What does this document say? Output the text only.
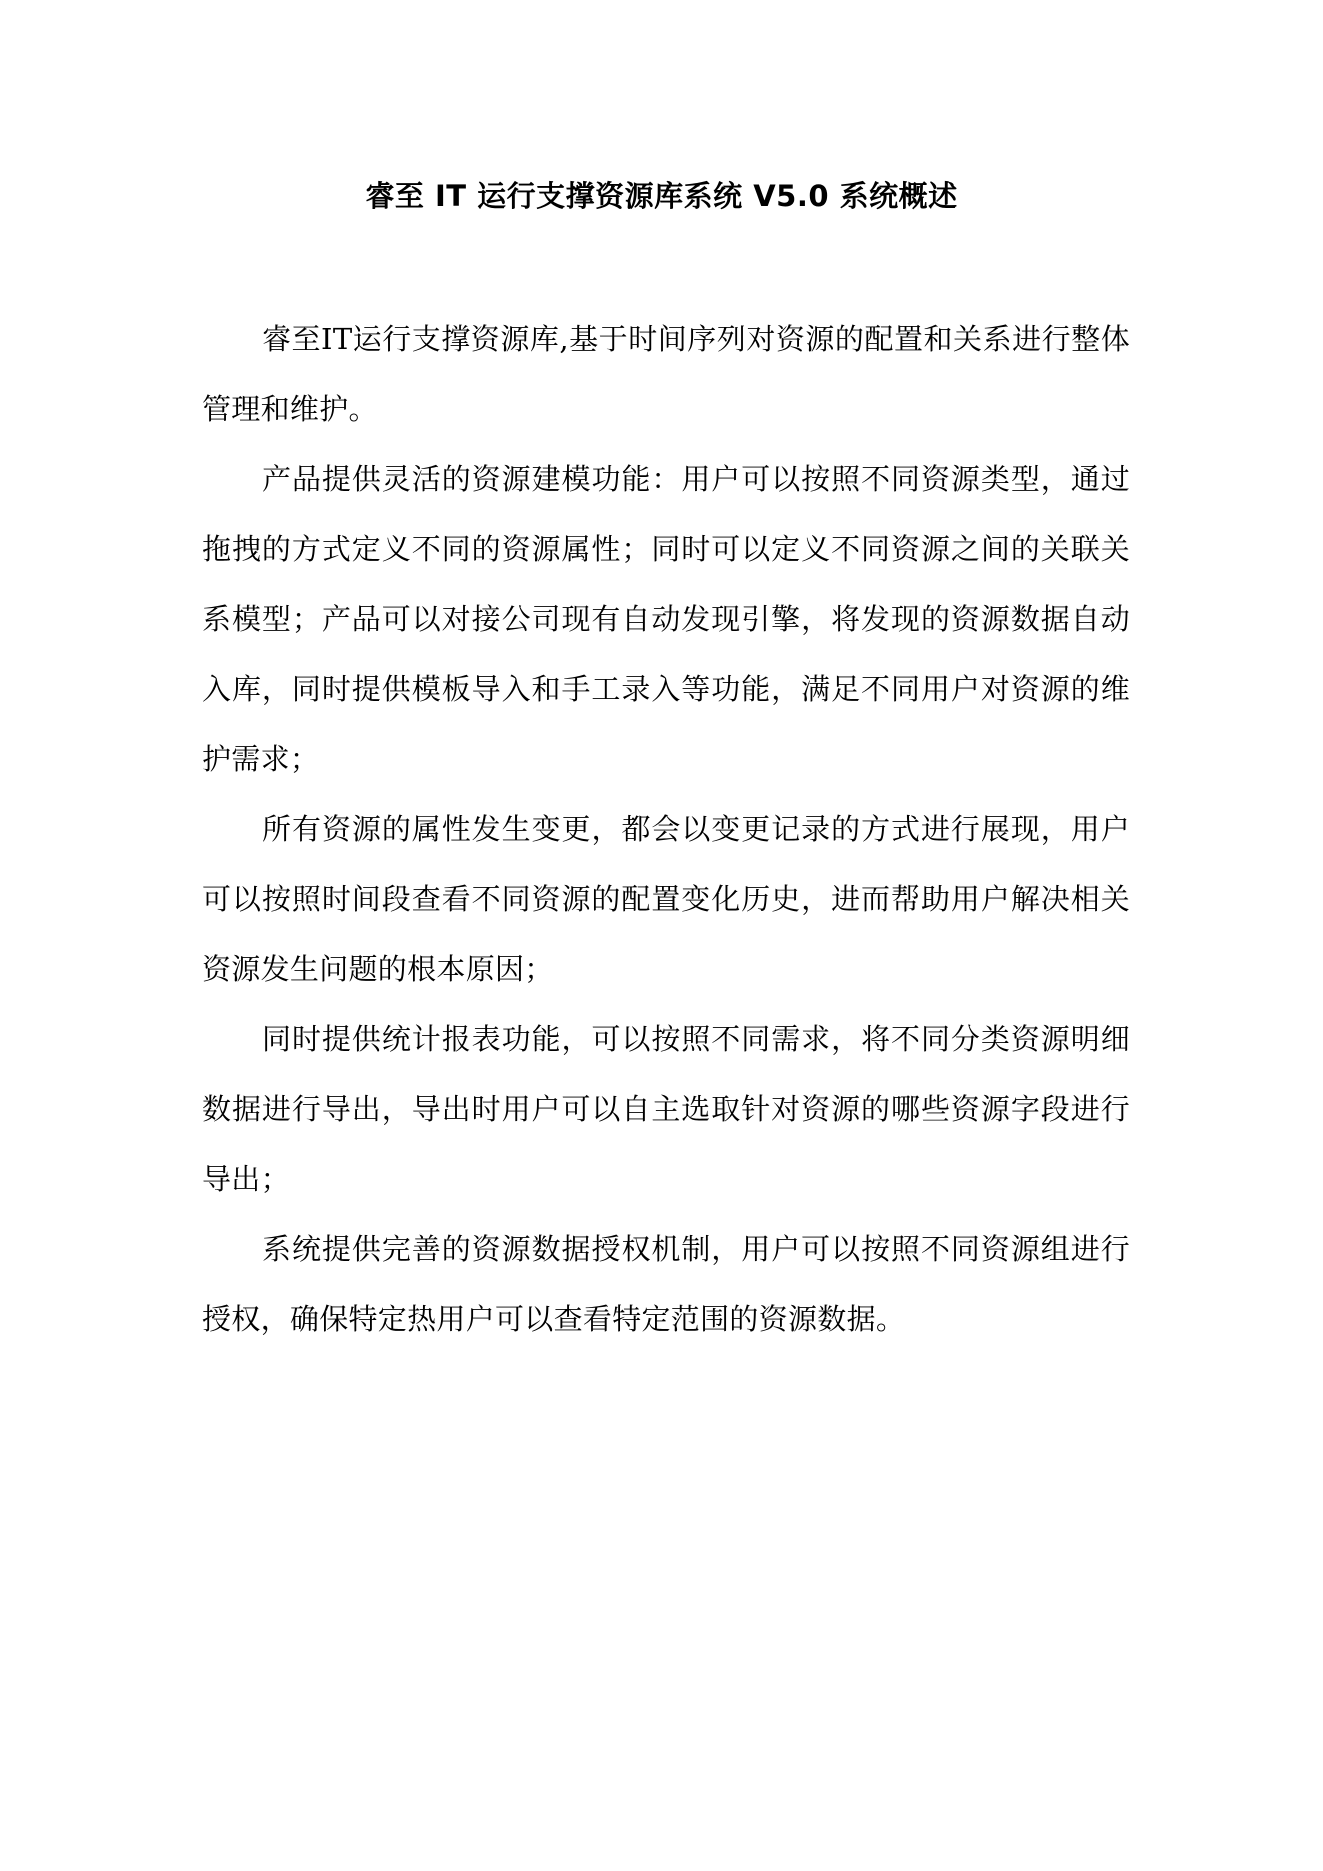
睿至 IT 运行支撑资源库系统 V5.0 系统概述

睿至IT运行支撑资源库,基于时间序列对资源的配置和关系进行整体管理和维护。

产品提供灵活的资源建模功能：用户可以按照不同资源类型，通过拖拽的方式定义不同的资源属性；同时可以定义不同资源之间的关联关系模型；产品可以对接公司现有自动发现引擎，将发现的资源数据自动入库，同时提供模板导入和手工录入等功能，满足不同用户对资源的维护需求；

所有资源的属性发生变更，都会以变更记录的方式进行展现，用户可以按照时间段查看不同资源的配置变化历史，进而帮助用户解决相关资源发生问题的根本原因；

同时提供统计报表功能，可以按照不同需求，将不同分类资源明细数据进行导出，导出时用户可以自主选取针对资源的哪些资源字段进行导出；

系统提供完善的资源数据授权机制，用户可以按照不同资源组进行授权，确保特定热用户可以查看特定范围的资源数据。
